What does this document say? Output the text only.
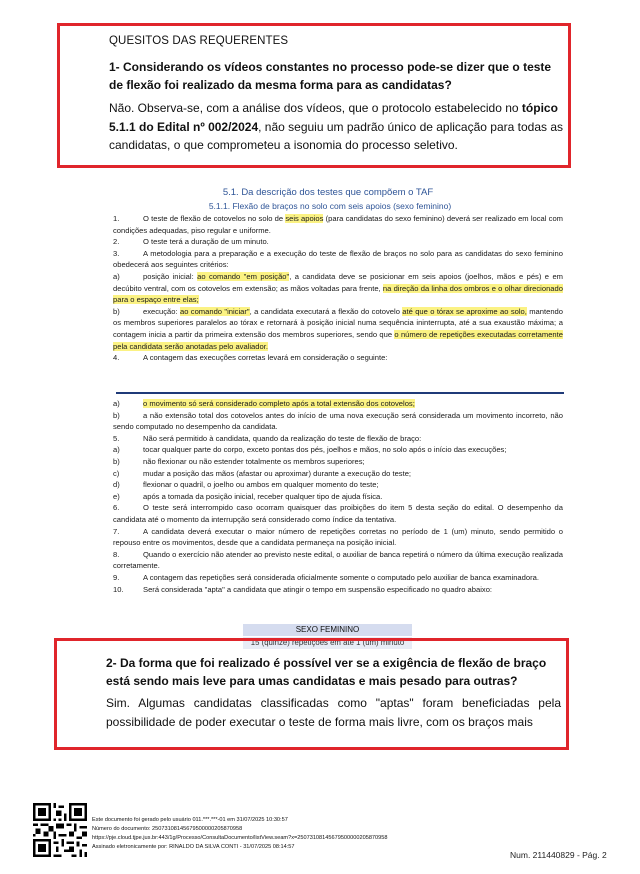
QUESITOS DAS REQUERENTES
1- Considerando os vídeos constantes no processo pode-se dizer que o teste de flexão foi realizado da mesma forma para as candidatas?
Não. Observa-se, com a análise dos vídeos, que o protocolo estabelecido no tópico 5.1.1 do Edital nº 002/2024, não seguiu um padrão único de aplicação para todas as candidatas, o que comprometeu a isonomia do processo seletivo.
5.1. Da descrição dos testes que compõem o TAF
5.1.1. Flexão de braços no solo com seis apoios (sexo feminino)
1.	O teste de flexão de cotovelos no solo de seis apoios (para candidatas do sexo feminino) deverá ser realizado em local com condições adequadas, piso regular e uniforme.
2.	O teste terá a duração de um minuto.
3.	A metodologia para a preparação e a execução do teste de flexão de braços no solo para as candidatas do sexo feminino obedecerá aos seguintes critérios:
a)	posição inicial: ao comando "em posição", a candidata deve se posicionar em seis apoios (joelhos, mãos e pés) e em decúbito ventral, com os cotovelos em extensão; as mãos voltadas para frente, na direção da linha dos ombros e o olhar direcionado para o espaço entre elas;
b)	execução: ao comando "iniciar", a candidata executará a flexão do cotovelo até que o tórax se aproxime ao solo, mantendo os membros superiores paralelos ao tórax e retornará à posição inicial numa sequência ininterrupta, até a sua exaustão máxima; a contagem inicia a partir da primeira extensão dos membros superiores, sendo que o número de repetições executadas corretamente pela candidata serão anotadas pelo avaliador.
4.	A contagem das execuções corretas levará em consideração o seguinte:
a)	o movimento só será considerado completo após a total extensão dos cotovelos;
b)	a não extensão total dos cotovelos antes do início de uma nova execução será considerada um movimento incorreto, não sendo computado no desempenho da candidata.
5.	Não será permitido à candidata, quando da realização do teste de flexão de braço:
a)	tocar qualquer parte do corpo, exceto pontas dos pés, joelhos e mãos, no solo após o início das execuções;
b)	não flexionar ou não estender totalmente os membros superiores;
c)	mudar a posição das mãos (afastar ou aproximar) durante a execução do teste;
d)	flexionar o quadril, o joelho ou ambos em qualquer momento do teste;
e)	após a tomada da posição inicial, receber qualquer tipo de ajuda física.
6.	O teste será interrompido caso ocorram quaisquer das proibições do item 5 desta seção do edital. O desempenho da candidata até o momento da interrupção será considerado como índice da tentativa.
7.	A candidata deverá executar o maior número de repetições corretas no período de 1 (um) minuto, sendo permitido o repouso entre os movimentos, desde que a candidata permaneça na posição inicial.
8.	Quando o exercício não atender ao previsto neste edital, o auxiliar de banca repetirá o número da última execução realizada corretamente.
9.	A contagem das repetições será considerada oficialmente somente o computado pelo auxiliar de banca examinadora.
10.	Será considerada "apta" a candidata que atingir o tempo em suspensão especificado no quadro abaixo:
SEXO FEMININO
15 (quinze) repetições em até 1 (um) minuto
2- Da forma que foi realizado é possível ver se a exigência de flexão de braço está sendo mais leve para umas candidatas e mais pesado para outras?
Sim. Algumas candidatas classificadas como "aptas" foram beneficiadas pela possibilidade de poder executar o teste de forma mais livre, com os braços mais
Este documento foi gerado pelo usuário 011.***.***-01 em 31/07/2025 10:30:57
Número do documento: 25073108145679500000205870958
https://pje.cloud.tjpe.jus.br:443/1g/Processo/ConsultaDocumento/listView.seam?x=25073108145679500000205870958
Assinado eletronicamente por: RINALDO DA SILVA CONTI - 31/07/2025 08:14:57
Num. 211440829 - Pág. 2
